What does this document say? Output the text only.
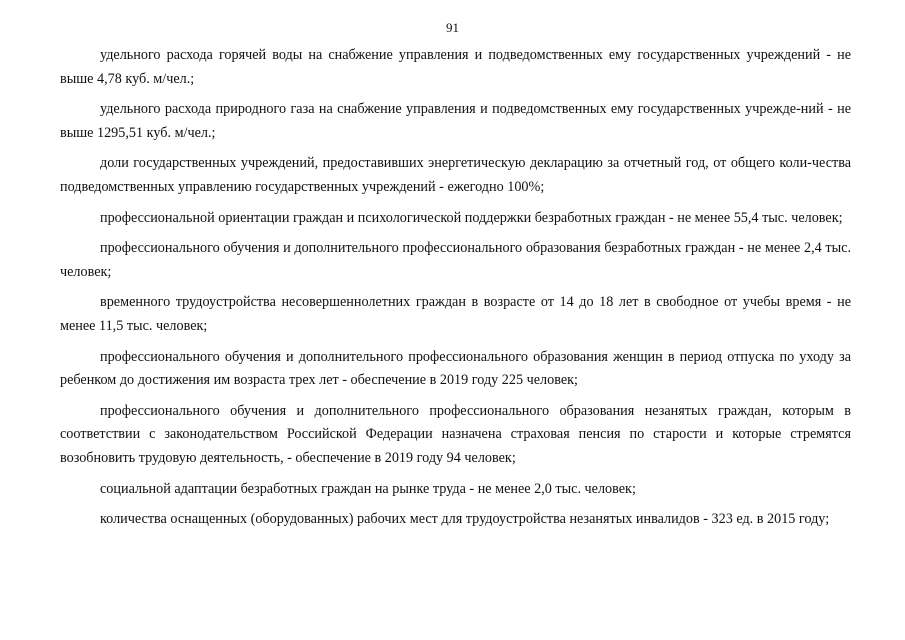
91

удельного расхода горячей воды на снабжение управления и подведомственных ему государственных учреждений - не выше 4,78 куб. м/чел.;

удельного расхода природного газа на снабжение управления и подведомственных ему государственных учрежде-ний - не выше 1295,51 куб. м/чел.;

доли государственных учреждений, предоставивших энергетическую декларацию за отчетный год, от общего коли-чества подведомственных управлению государственных учреждений - ежегодно 100%;

профессиональной ориентации граждан и психологической поддержки безработных граждан - не менее 55,4 тыс. человек;

профессионального обучения и дополнительного профессионального образования безработных граждан - не менее 2,4 тыс. человек;

временного трудоустройства несовершеннолетних граждан в возрасте от 14 до 18 лет в свободное от учебы время - не менее 11,5 тыс. человек;

профессионального обучения и дополнительного профессионального образования женщин в период отпуска по уходу за ребенком до достижения им возраста трех лет - обеспечение в 2019 году 225 человек;

профессионального обучения и дополнительного профессионального образования незанятых граждан, которым в соответствии с законодательством Российской Федерации назначена страховая пенсия по старости и которые стремятся возобновить трудовую деятельность, - обеспечение в 2019 году 94 человек;

социальной адаптации безработных граждан на рынке труда - не менее 2,0 тыс. человек;

количества оснащенных (оборудованных) рабочих мест для трудоустройства незанятых инвалидов - 323 ед. в 2015 году;
